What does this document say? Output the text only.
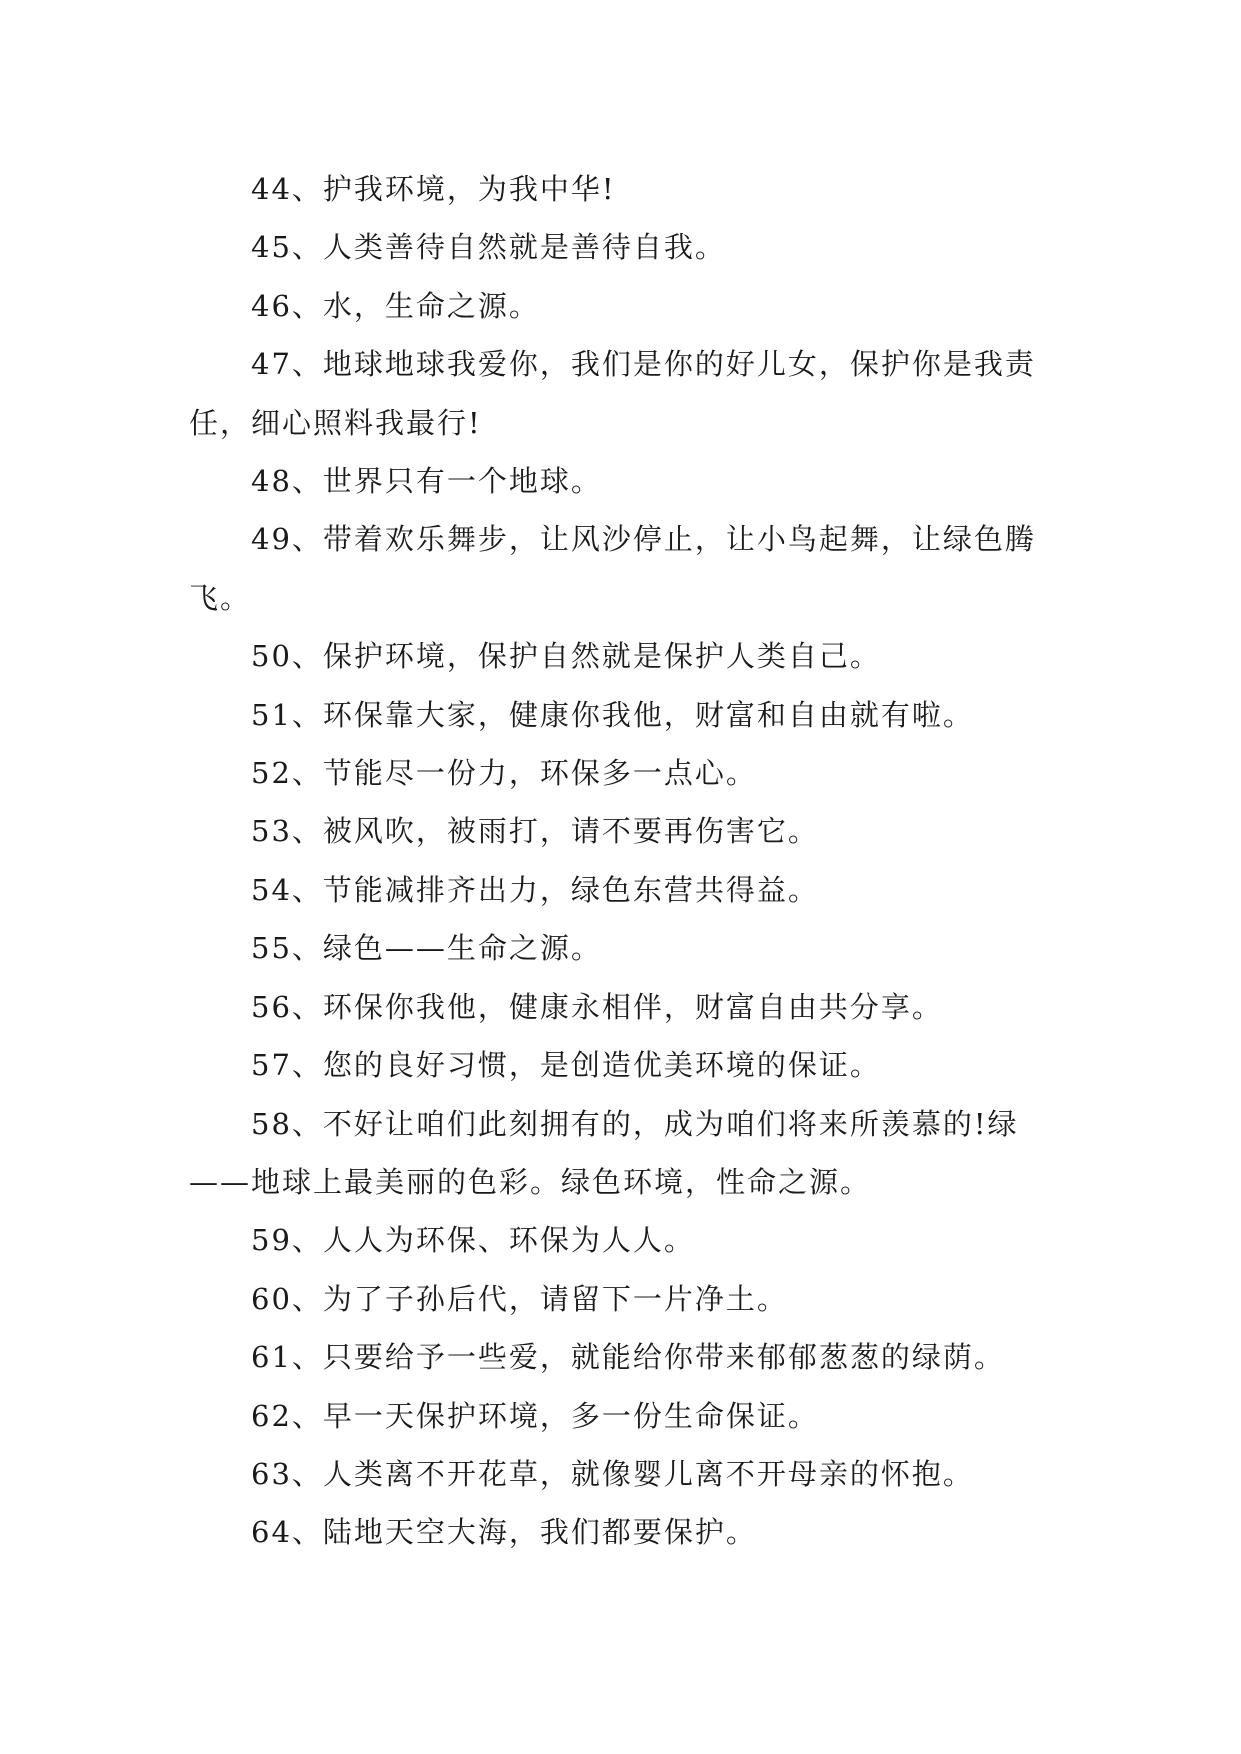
44、护我环境，为我中华!

45、人类善待自然就是善待自我。

46、水，生命之源。

47、地球地球我爱你，我们是你的好儿女，保护你是我责任，细心照料我最行!

48、世界只有一个地球。

49、带着欢乐舞步，让风沙停止，让小鸟起舞，让绿色腾飞。

50、保护环境，保护自然就是保护人类自己。

51、环保靠大家，健康你我他，财富和自由就有啦。

52、节能尽一份力，环保多一点心。

53、被风吹，被雨打，请不要再伤害它。

54、节能减排齐出力，绿色东营共得益。

55、绿色——生命之源。

56、环保你我他，健康永相伴，财富自由共分享。

57、您的良好习惯，是创造优美环境的保证。

58、不好让咱们此刻拥有的，成为咱们将来所羡慕的!绿——地球上最美丽的色彩。绿色环境，性命之源。

59、人人为环保、环保为人人。

60、为了子孙后代，请留下一片净土。

61、只要给予一些爱，就能给你带来郁郁葱葱的绿荫。

62、早一天保护环境，多一份生命保证。

63、人类离不开花草，就像婴儿离不开母亲的怀抱。

64、陆地天空大海，我们都要保护。
